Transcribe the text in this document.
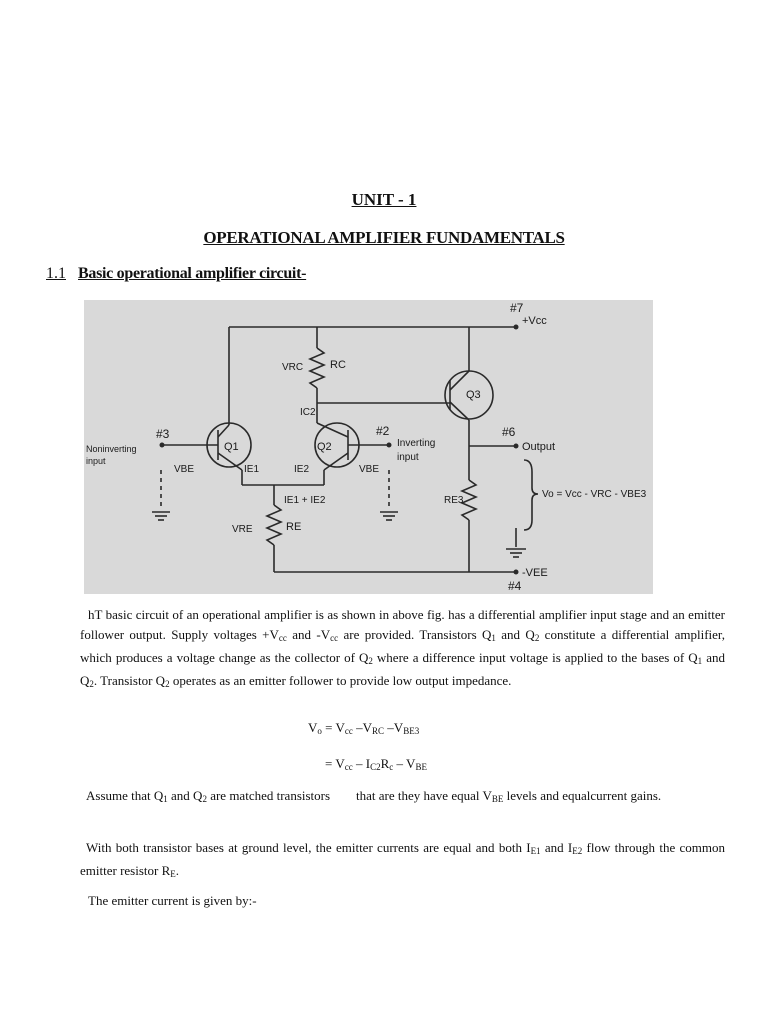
UNIT - 1
OPERATIONAL AMPLIFIER FUNDAMENTALS
1.1 Basic operational amplifier circuit-
#7
+Vcc
VRC RC
Q3
IC2
#3
Q1	Q2
#2
Inverting
input
#6
Output
Noninverting
input
VBE	IE1	IE2	VBE
IE1 + IE2	RE3
Vo = Vcc - VRC - VBE3
VRE	RE
-VEE
#4
hT basic circuit of an operational amplifier is as shown in above fig. has a differential amplifier input stage and an emitter follower output. Supply voltages $+V_{cc}$ and $-V_{cc}$ are provided. Transistors $Q_1$ and $Q_2$ constitute a differential amplifier, which produces a voltage change as the collector of $Q_2$ where a difference input voltage is applied to the bases of $Q_1$ and $Q_2$. Transistor $Q_2$ operates as an emitter follower to provide low output impedance.
$V_o = V_{cc}$ $-V_{RC}$ $-V_{BE3}$
= $V_{cc} - I_{C2}R_c - V_{BE}$
Assume that $Q_1$ and $Q_2$ are matched transistors that are they have equal $V_{BE}$ levels and equalcurrent gains.
With both transistor bases at ground level, the emitter currents are equal and both $I_{E1}$ and $I_{E2}$ flow through the common emitter resistor $R_E$.
The emitter current is given by:-
